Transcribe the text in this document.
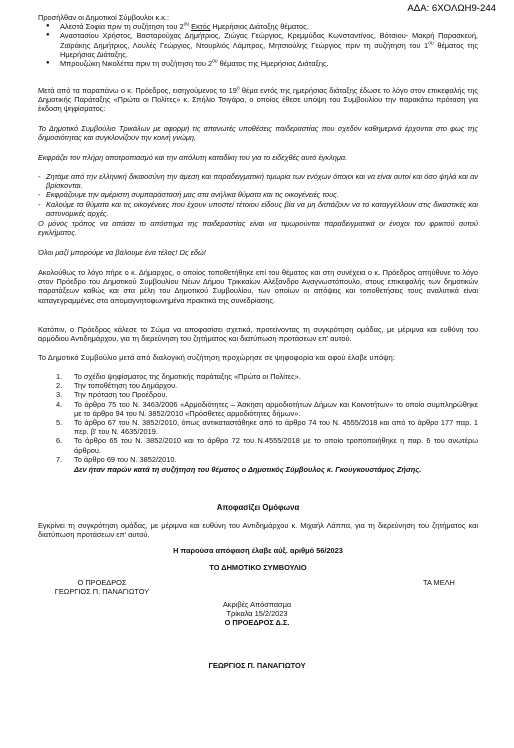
ΑΔΑ: 6ΧΟΛΩΗ9-244
Προσήλθαν οι Δημοτικοί Σύμβουλοι κ.κ.:
● Αλεστά Σοφία πριν τη συζήτηση του $2^{o\upsilon}$ Εκτός Ημερήσιας Διάταξης θέματος.
● Αναστασίου Χρήστος, Βασταρούχας Δημήτριος, Ζιώγας Γεώργιος, Κρεμμύδας Κωνσταντίνος, Βότσιου- Μακρή Παρασκευή, Ζαϊράκης Δημήτριος, Λουλές Γεώργιος, Ντουρλιός Λάμπρος, Μητσιούλης Γεώργιος πριν τη συζήτηση του $1^{o\upsilon}$ θέματος της Ημερήσιας Διάταξης.
● Μπρουζώκη Νικολέττα πριν τη συζήτηση του $2^{o\upsilon}$ θέματος της Ημερήσιας Διάταξης.
Μετά από τα παραπάνω ο κ. Πρόεδρος, εισηγούμενος το $19^o$ θέμα εντός της ημερήσιας διάταξης έδωσε το λόγο στον επικεφαλής της Δημοτικής Παράταξης «Πρώτα οι Πολίτες» κ. Σπήλιο Τσιγάρα, ο οποίος έθεσε υπόψη του Συμβουλίου την παρακάτω πρόταση για έκδοση ψηφίσματος:
Το Δημοτικό Συμβούλιο Τρικάλων με αφορμή τις απανωτές υποθέσεις παιδεραστίας που σχεδόν καθημερινά έρχονται στο φως της δημοσιότητας και συγκλονίζουν την κοινή γνώμη,
Εκφράζει τον πλήρη αποτροπιασμό και την απόλυτη καταδίκη του για το ειδεχθές αυτό έγκλημα.
- Ζητάμε από την ελληνική δικαιοσύνη την άμεση και παραδειγματική τιμωρία των ενόχων όποιοι και να είναι αυτοί και όσο ψηλά και αν βρίσκονται.
- Εκφράζουμε την αμέριστη συμπαράστασή μας στα ανήλικα θύματα και τις οικογένειές τους.
- Καλούμε τα θύματα και τις οικογένειες που έχουν υποστεί τέτοιου είδους βία να μη διστάζουν να το καταγγέλλουν στις δικαστικές και αστυνομικές αρχές.
Ο μόνος τρόπος να απάσει το απόστημα της παιδεραστίας είναι να τιμωρούνται παραδειγματικά οι ένοχοι του φρικτού αυτού εγκλήματος.
Όλοι μαζί μπορούμε να βάλουμε ένα τέλος! Ως εδώ!
Ακολούθως το λόγο πήρε ο κ. Δήμαρχος, ο οποίος τοποθετήθηκε επί του θέματος και στη συνέχεια ο κ. Πρόεδρος απηύθυνε το λόγο στον Πρόεδρο του Δημοτικού Συμβουλίου Νέων Δήμου Τρικκαίων Αλέξανδρο Αναγνωστόπουλο, στους επικεφαλής των δημοτικών παρατάξεων καθώς και στα μέλη του Δημοτικού Συμβουλίου, των οποίων οι απόψεις και τοποθετήσεις τους αναλυτικά είναι καταγεγραμμένες στα απομαγνητοφωνημένα πρακτικά της συνεδρίασης.
Κατόπιν, ο Πρόεδρος κάλεσε το Σώμα να αποφασίσει σχετικά, προτείνοντας τη συγκρότηση ομάδας, με μέριμνα και ευθύνη του αρμόδιου Αντιδημάρχου, για τη διερεύνηση του ζητήματος και διατύπωση προτάσεων επ' αυτού.
Το Δημοτικό Συμβούλιο μετά από διαλογική συζήτηση προχώρησε σε ψηφοφορία και αφού έλαβε υπόψη:
1. Το σχέδιο ψηφίσματος της δημοτικής παράταξης «Πρώτα οι Πολίτες».
2. Την τοποθέτηση του Δημάρχου.
3. Την πρόταση του Προέδρου.
4. Το άρθρο 75 του Ν. 3463/2006 «Αρμοδιότητες – Άσκηση αρμοδιοτήτων Δήμων και Κοινοτήτων» το οποίο συμπληρώθηκε με το άρθρο 94 του Ν. 3852/2010 «Πρόσθετες αρμοδιότητες δήμων».
5. Το άρθρο 67 του Ν. 3852/2010, όπως αντικαταστάθηκε από το άρθρο 74 του Ν. 4555/2018 και από το άρθρο 177 παρ. 1 περ. β' του Ν. 4635/2019.
6. Το άρθρο 65 του Ν. 3852/2010 και το άρθρο 72 του Ν.4555/2018 με το οποίο τροποποιήθηκε η παρ. 6 του ανωτέρω άρθρου.
7. Το άρθρο 69 του Ν. 3852/2010.
Δεν ήταν παρών κατά τη συζήτηση του θέματος ο Δημοτικός Σύμβουλος κ. Γκουγκουστάμος Ζήσης.
Αποφασίζει Ομόφωνα
Εγκρίνει τη συγκρότηση ομάδας, με μέριμνα και ευθύνη του Αντιδημάρχου κ. Μιχαήλ Λάππα, για τη διερεύνηση του ζητήματος και διατύπωση προτάσεων επ' αυτού.
Η παρούσα απόφαση έλαβε αύξ. αριθμό 56/2023
ΤΟ ΔΗΜΟΤΙΚΟ ΣΥΜΒΟΥΛΙΟ
Ο ΠΡΟΕΔΡΟΣ
ΓΕΩΡΓΙΟΣ Π. ΠΑΝΑΓΙΩΤΟΥ
ΤΑ ΜΕΛΗ
Ακριβές Απόσπασμα
Τρίκαλα 15/2/2023
Ο ΠΡΟΕΔΡΟΣ Δ.Σ.
ΓΕΩΡΓΙΟΣ Π. ΠΑΝΑΓΙΩΤΟΥ
